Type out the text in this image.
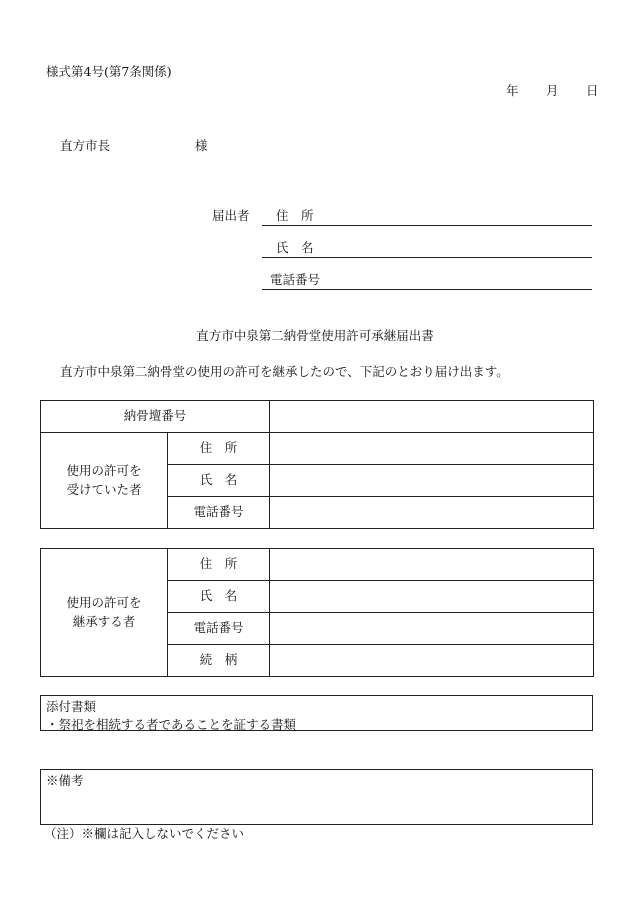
様式第4号(第7条関係)
年 月 日
直方市長	様
届出者 住　所
氏　名
電話番号
直方市中泉第二納骨堂使用許可承継届出書
直方市中泉第二納骨堂の使用の許可を継承したので、下記のとおり届け出ます。
納骨壇番号		
使用の許可を
受けていた者	住　所	
	氏　名	
	電話番号	
使用の許可を
継承する者	住　所	
	氏　名	
	電話番号	
	続　柄	
添付書類
・祭祀を相続する者であることを証する書類
※備考
（注）※欄は記入しないでください
